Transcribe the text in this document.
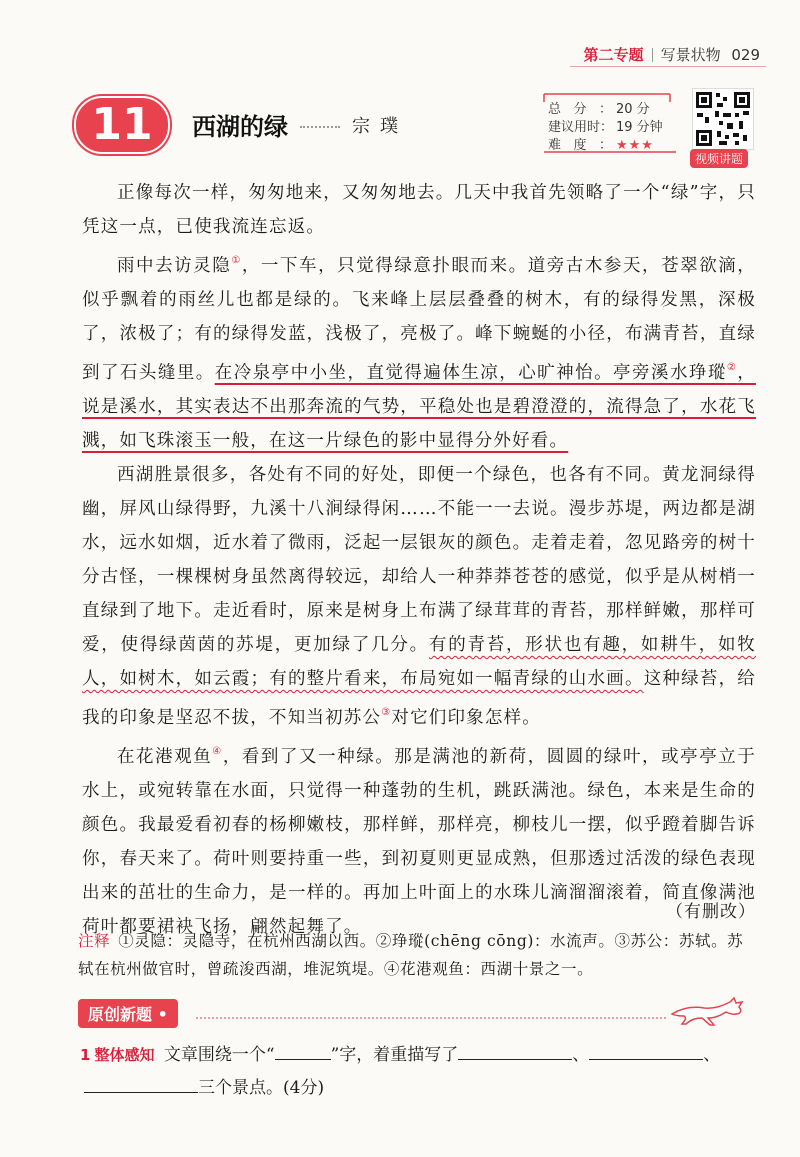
第二专题 写景状物 029
11	西湖的绿	宗璞
总分： 20 分
建议用时： 19 分钟
难度： ★★★
视频讲题

正像每次一样，匆匆地来，又匆匆地去。几天中我首先领略了一个“绿”字，只凭这一点，已使我流连忘返。

雨中去访灵隐①，一下车，只觉得绿意扑眼而来。道旁古木参天，苍翠欲滴，似乎飘着的雨丝儿也都是绿的。飞来峰上层层叠叠的树木，有的绿得发黑，深极了，浓极了；有的绿得发蓝，浅极了，亮极了。峰下蜿蜒的小径，布满青苔，直绿到了石头缝里。在冷泉亭中小坐，直觉得遍体生凉，心旷神怡。亭旁溪水琤瑽②，说是溪水，其实表达不出那奔流的气势，平稳处也是碧澄澄的，流得急了，水花飞溅，如飞珠滚玉一般，在这一片绿色的影中显得分外好看。

西湖胜景很多，各处有不同的好处，即便一个绿色，也各有不同。黄龙洞绿得幽，屏风山绿得野，九溪十八涧绿得闲……不能一一去说。漫步苏堤，两边都是湖水，远水如烟，近水着了微雨，泛起一层银灰的颜色。走着走着，忽见路旁的树十分古怪，一棵棵树身虽然离得较远，却给人一种莽莽苍苍的感觉，似乎是从树梢一直绿到了地下。走近看时，原来是树身上布满了绿茸茸的青苔，那样鲜嫩，那样可爱，使得绿茵茵的苏堤，更加绿了几分。有的青苔，形状也有趣，如耕牛，如牧人，如树木，如云霞；有的整片看来，布局宛如一幅青绿的山水画。这种绿苔，给我的印象是坚忍不拔，不知当初苏公③对它们印象怎样。

在花港观鱼④，看到了又一种绿。那是满池的新荷，圆圆的绿叶，或亭亭立于水上，或宛转靠在水面，只觉得一种蓬勃的生机，跳跃满池。绿色，本来是生命的颜色。我最爱看初春的杨柳嫩枝，那样鲜，那样亮，柳枝儿一摆，似乎蹬着脚告诉你，春天来了。荷叶则要持重一些，到初夏则更显成熟，但那透过活泼的绿色表现出来的茁壮的生命力，是一样的。再加上叶面上的水珠儿滴溜溜滚着，简直像满池荷叶都要裙袂飞扬，翩然起舞了。

（有删改）
注释 ①灵隐：灵隐寺，在杭州西湖以西。②琤瑽(chēng cōng)：水流声。③苏公：苏轼。苏轼在杭州做官时，曾疏浚西湖，堆泥筑堤。④花港观鱼：西湖十景之一。
原创新题 •
1 整体感知 文章围绕一个“	”字，着重描写了	、	、
三个景点。(4分)
